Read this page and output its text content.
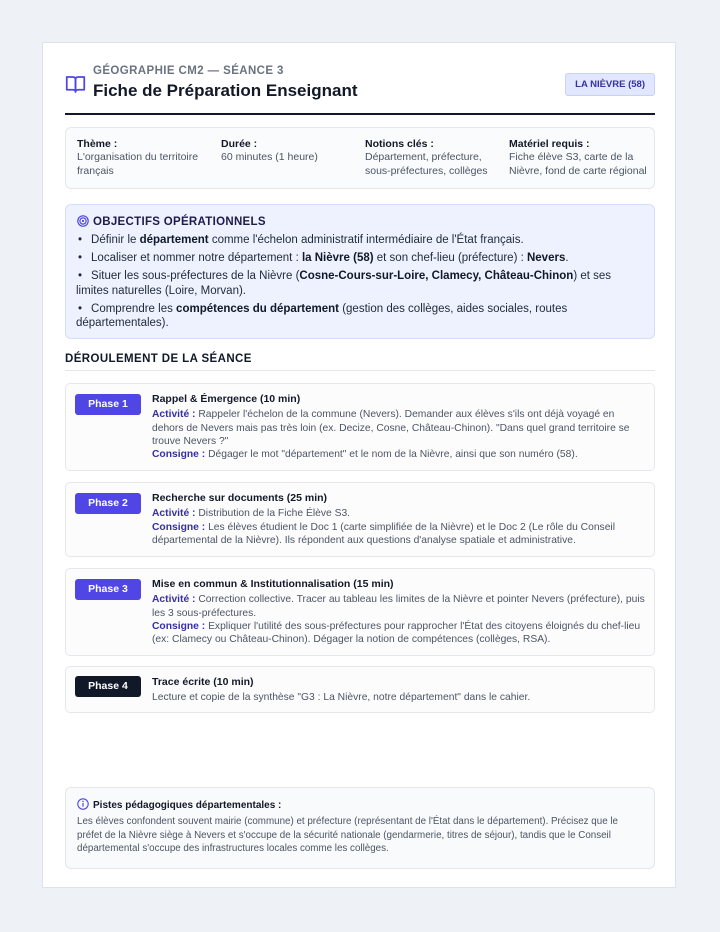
GÉOGRAPHIE CM2 — SÉANCE 3
Fiche de Préparation Enseignant	LA NIÈVRE (58)
Thème :
L'organisation du territoire français
Durée :
60 minutes (1 heure)
Notions clés :
Département, préfecture, sous-préfectures, collèges
Matériel requis :
Fiche élève S3, carte de la Nièvre, fond de carte régional
OBJECTIFS OPÉRATIONNELS
• Définir le département comme l'échelon administratif intermédiaire de l'État français.
• Localiser et nommer notre département : la Nièvre (58) et son chef-lieu (préfecture) : Nevers.
• Situer les sous-préfectures de la Nièvre (Cosne-Cours-sur-Loire, Clamecy, Château-Chinon) et ses limites naturelles (Loire, Morvan).
• Comprendre les compétences du département (gestion des collèges, aides sociales, routes départementales).
DÉROULEMENT DE LA SÉANCE
Phase 1	Rappel & Émergence (10 min)
Activité : Rappeler l'échelon de la commune (Nevers). Demander aux élèves s'ils ont déjà voyagé en dehors de Nevers mais pas très loin (ex. Decize, Cosne, Château-Chinon). "Dans quel grand territoire se trouve Nevers ?"
Consigne : Dégager le mot "département" et le nom de la Nièvre, ainsi que son numéro (58).
Phase 2	Recherche sur documents (25 min)
Activité : Distribution de la Fiche Élève S3.
Consigne : Les élèves étudient le Doc 1 (carte simplifiée de la Nièvre) et le Doc 2 (Le rôle du Conseil départemental de la Nièvre). Ils répondent aux questions d'analyse spatiale et administrative.
Phase 3	Mise en commun & Institutionnalisation (15 min)
Activité : Correction collective. Tracer au tableau les limites de la Nièvre et pointer Nevers (préfecture), puis les 3 sous-préfectures.
Consigne : Expliquer l'utilité des sous-préfectures pour rapprocher l'État des citoyens éloignés du chef-lieu (ex: Clamecy ou Château-Chinon). Dégager la notion de compétences (collèges, RSA).
Phase 4	Trace écrite (10 min)
Lecture et copie de la synthèse "G3 : La Nièvre, notre département" dans le cahier.
Pistes pédagogiques départementales :
Les élèves confondent souvent mairie (commune) et préfecture (représentant de l'État dans le département). Précisez que le préfet de la Nièvre siège à Nevers et s'occupe de la sécurité nationale (gendarmerie, titres de séjour), tandis que le Conseil départemental s'occupe des infrastructures locales comme les collèges.
